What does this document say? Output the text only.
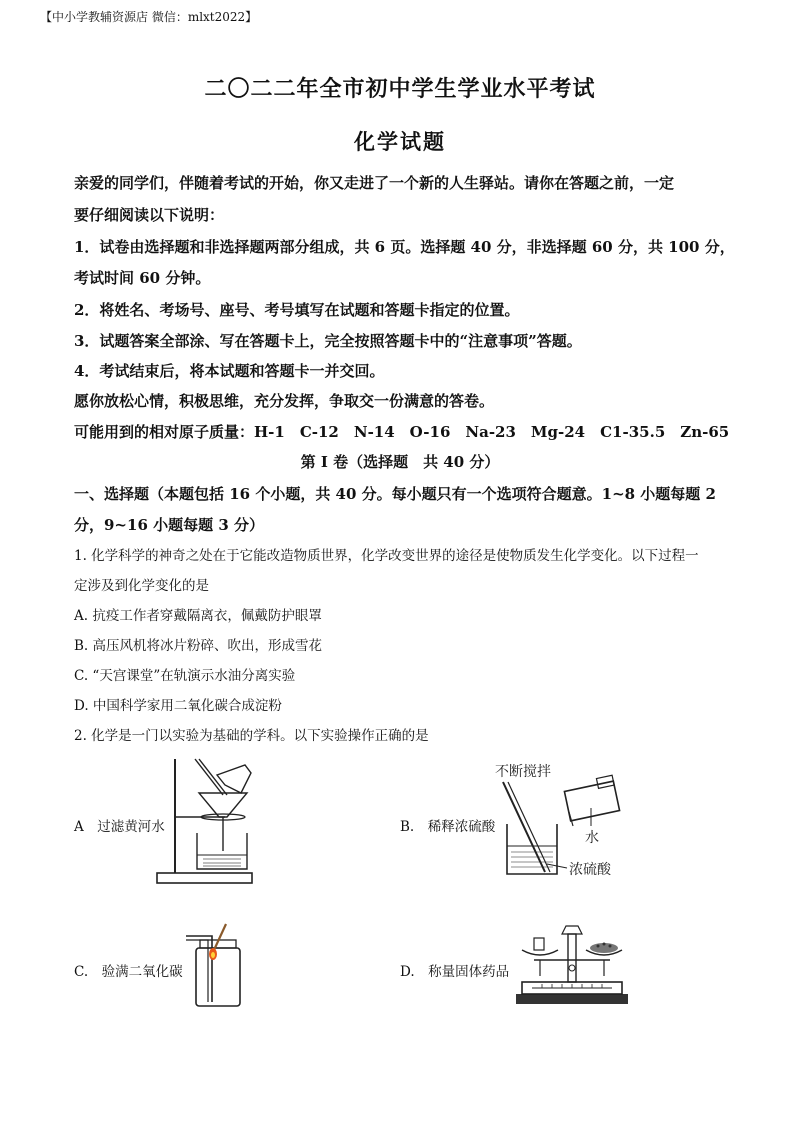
【中小学教辅资源店 微信：mlxt2022】
二〇二二年全市初中学生学业水平考试
化学试题
亲爱的同学们，伴随着考试的开始，你又走进了一个新的人生驿站。请你在答题之前，一定
要仔细阅读以下说明：
1．试卷由选择题和非选择题两部分组成，共 6 页。选择题 40 分，非选择题 60 分，共 100 分，
考试时间 60 分钟。
2．将姓名、考场号、座号、考号填写在试题和答题卡指定的位置。
3．试题答案全部涂、写在答题卡上，完全按照答题卡中的“注意事项”答题。
4．考试结束后，将本试题和答题卡一并交回。
愿你放松心情，积极思维，充分发挥，争取交一份满意的答卷。
可能用到的相对原子质量：H-1　C-12　N-14　O-16　Na-23　Mg-24　C1-35.5　Zn-65
第 I 卷（选择题　共 40 分）
一、选择题（本题包括 16 个小题，共 40 分。每小题只有一个选项符合题意。1~8 小题每题 2
分，9~16 小题每题 3 分）
1. 化学科学的神奇之处在于它能改造物质世界，化学改变世界的途径是使物质发生化学变化。以下过程一
定涉及到化学变化的是
A. 抗疫工作者穿戴隔离衣，佩戴防护眼罩
B. 高压风机将冰片粉碎、吹出，形成雪花
C. “天宫课堂”在轨演示水油分离实验
D. 中国科学家用二氧化碳合成淀粉
2. 化学是一门以实验为基础的学科。以下实验操作正确的是
A　过滤黄河水	B.　稀释浓硫酸
不断搅拌
水
浓硫酸
C.　验满二氧化碳	D.　称量固体药品
